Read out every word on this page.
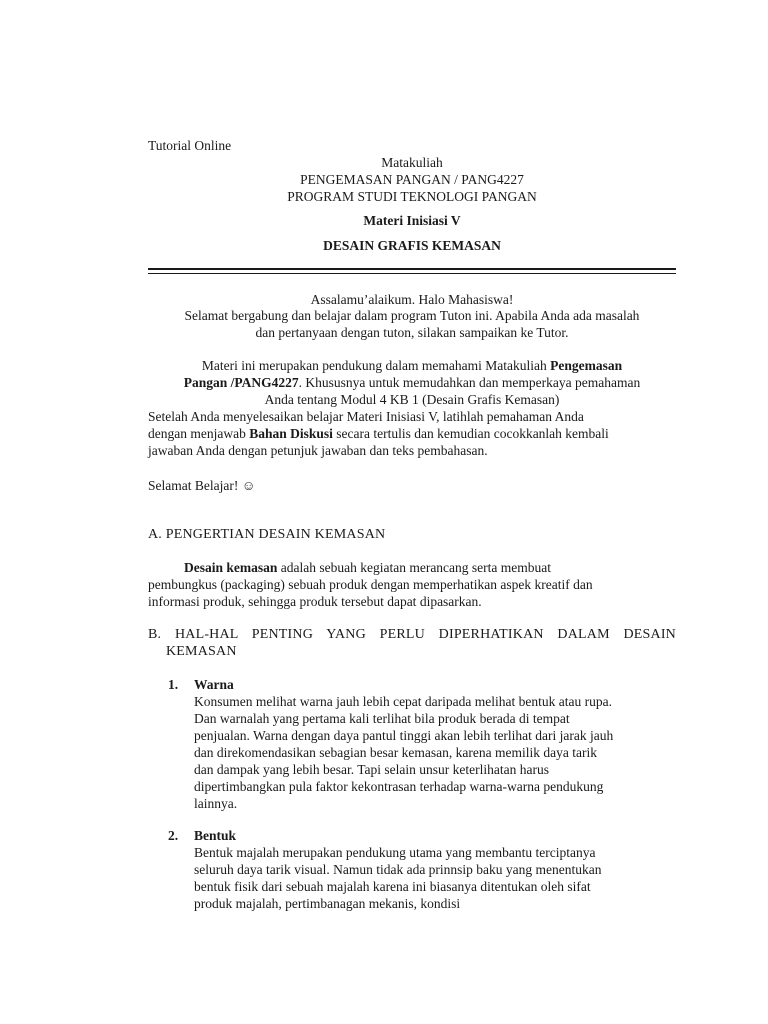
Tutorial Online
Matakuliah
PENGEMASAN PANGAN / PANG4227
PROGRAM STUDI TEKNOLOGI PANGAN
Materi Inisiasi V
DESAIN GRAFIS KEMASAN
Assalamu’alaikum. Halo Mahasiswa!
Selamat bergabung dan belajar dalam program Tuton ini. Apabila Anda ada masalah
dan pertanyaan dengan tuton, silakan sampaikan ke Tutor.
Materi ini merupakan pendukung dalam memahami Matakuliah Pengemasan
Pangan /PANG4227. Khususnya untuk memudahkan dan memperkaya pemahaman
Anda tentang Modul 4 KB 1 (Desain Grafis Kemasan)
Setelah Anda menyelesaikan belajar Materi Inisiasi V, latihlah pemahaman Anda
dengan menjawab Bahan Diskusi secara tertulis dan kemudian cocokkanlah kembali
jawaban Anda dengan petunjuk jawaban dan teks pembahasan.
Selamat Belajar! ☺
A. PENGERTIAN DESAIN KEMASAN
Desain kemasan adalah sebuah kegiatan merancang serta membuat
pembungkus (packaging) sebuah produk dengan memperhatikan aspek kreatif dan
informasi produk, sehingga produk tersebut dapat dipasarkan.
B. HAL-HAL PENTING YANG PERLU DIPERHATIKAN DALAM DESAIN
KEMASAN
1. Warna
Konsumen melihat warna jauh lebih cepat daripada melihat bentuk atau rupa.
Dan warnalah yang pertama kali terlihat bila produk berada di tempat
penjualan. Warna dengan daya pantul tinggi akan lebih terlihat dari jarak jauh
dan direkomendasikan sebagian besar kemasan, karena memilik daya tarik
dan dampak yang lebih besar. Tapi selain unsur keterlihatan harus
dipertimbangkan pula faktor kekontrasan terhadap warna-warna pendukung
lainnya.
2. Bentuk
Bentuk majalah merupakan pendukung utama yang membantu terciptanya
seluruh daya tarik visual. Namun tidak ada prinnsip baku yang menentukan
bentuk fisik dari sebuah majalah karena ini biasanya ditentukan oleh sifat
produk majalah, pertimbanagan mekanis, kondisi
